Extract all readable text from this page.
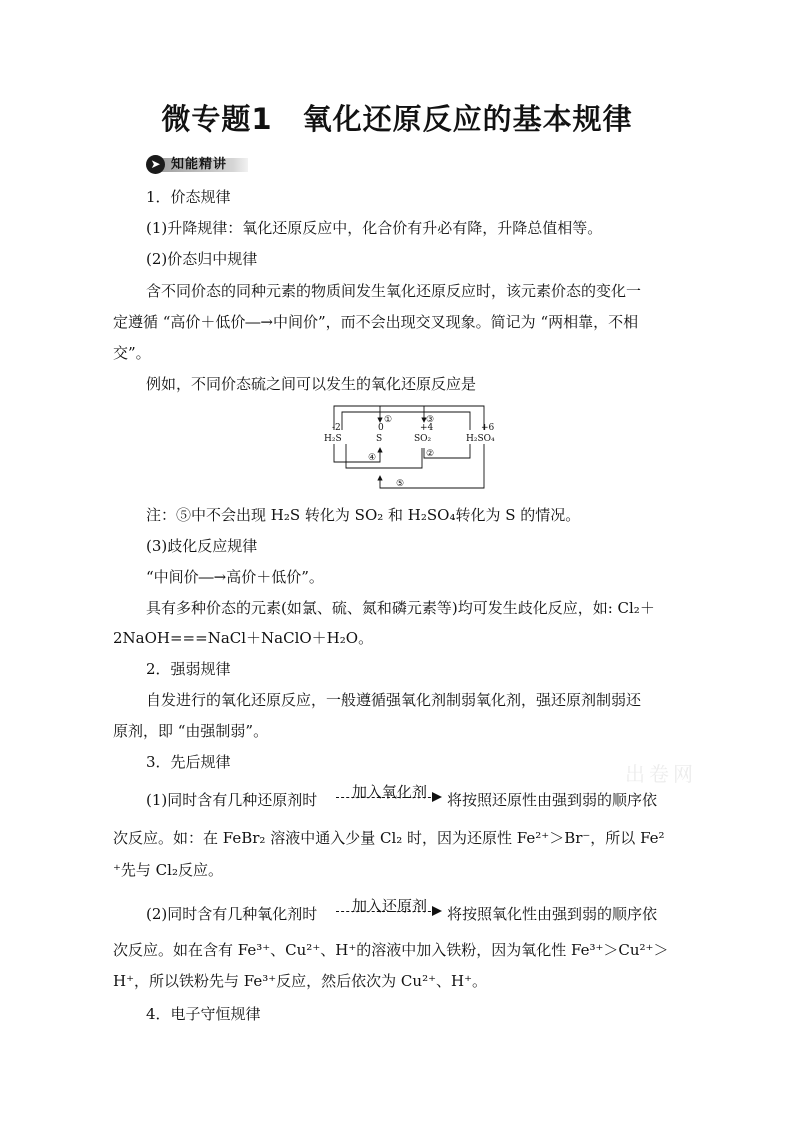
微专题1　氧化还原反应的基本规律
➤ 知能精讲
1．价态规律
(1)升降规律：氧化还原反应中，化合价有升必有降，升降总值相等。
(2)价态归中规律
含不同价态的同种元素的物质间发生氧化还原反应时，该元素价态的变化一
定遵循 “高价＋低价―→中间价”，而不会出现交叉现象。简记为 “两相靠，不相
交”。
例如，不同价态硫之间可以发生的氧化还原反应是
-2
H₂S
0
S
+4
SO₂
+6
H₂SO₄
①
②
③
④
⑤
注：⑤中不会出现 H₂S 转化为 SO₂ 和 H₂SO₄转化为 S 的情况。
(3)歧化反应规律
“中间价―→高价＋低价”。
具有多种价态的元素(如氯、硫、氮和磷元素等)均可发生歧化反应，如: Cl₂＋
2NaOH===NaCl＋NaClO＋H₂O。
2．强弱规律
自发进行的氧化还原反应，一般遵循强氧化剂制弱氧化剂，强还原剂制弱还
原剂，即 “由强制弱”。
3．先后规律
(1)同时含有几种还原剂时 加入氧化剂 将按照还原性由强到弱的顺序依
次反应。如：在 FeBr₂ 溶液中通入少量 Cl₂ 时，因为还原性 Fe²⁺＞Br⁻，所以 Fe²
⁺先与 Cl₂反应。
(2)同时含有几种氧化剂时 加入还原剂 将按照氧化性由强到弱的顺序依
次反应。如在含有 Fe³⁺、Cu²⁺、H⁺的溶液中加入铁粉，因为氧化性 Fe³⁺＞Cu²⁺＞
H⁺，所以铁粉先与 Fe³⁺反应，然后依次为 Cu²⁺、H⁺。
4．电子守恒规律
出卷网
